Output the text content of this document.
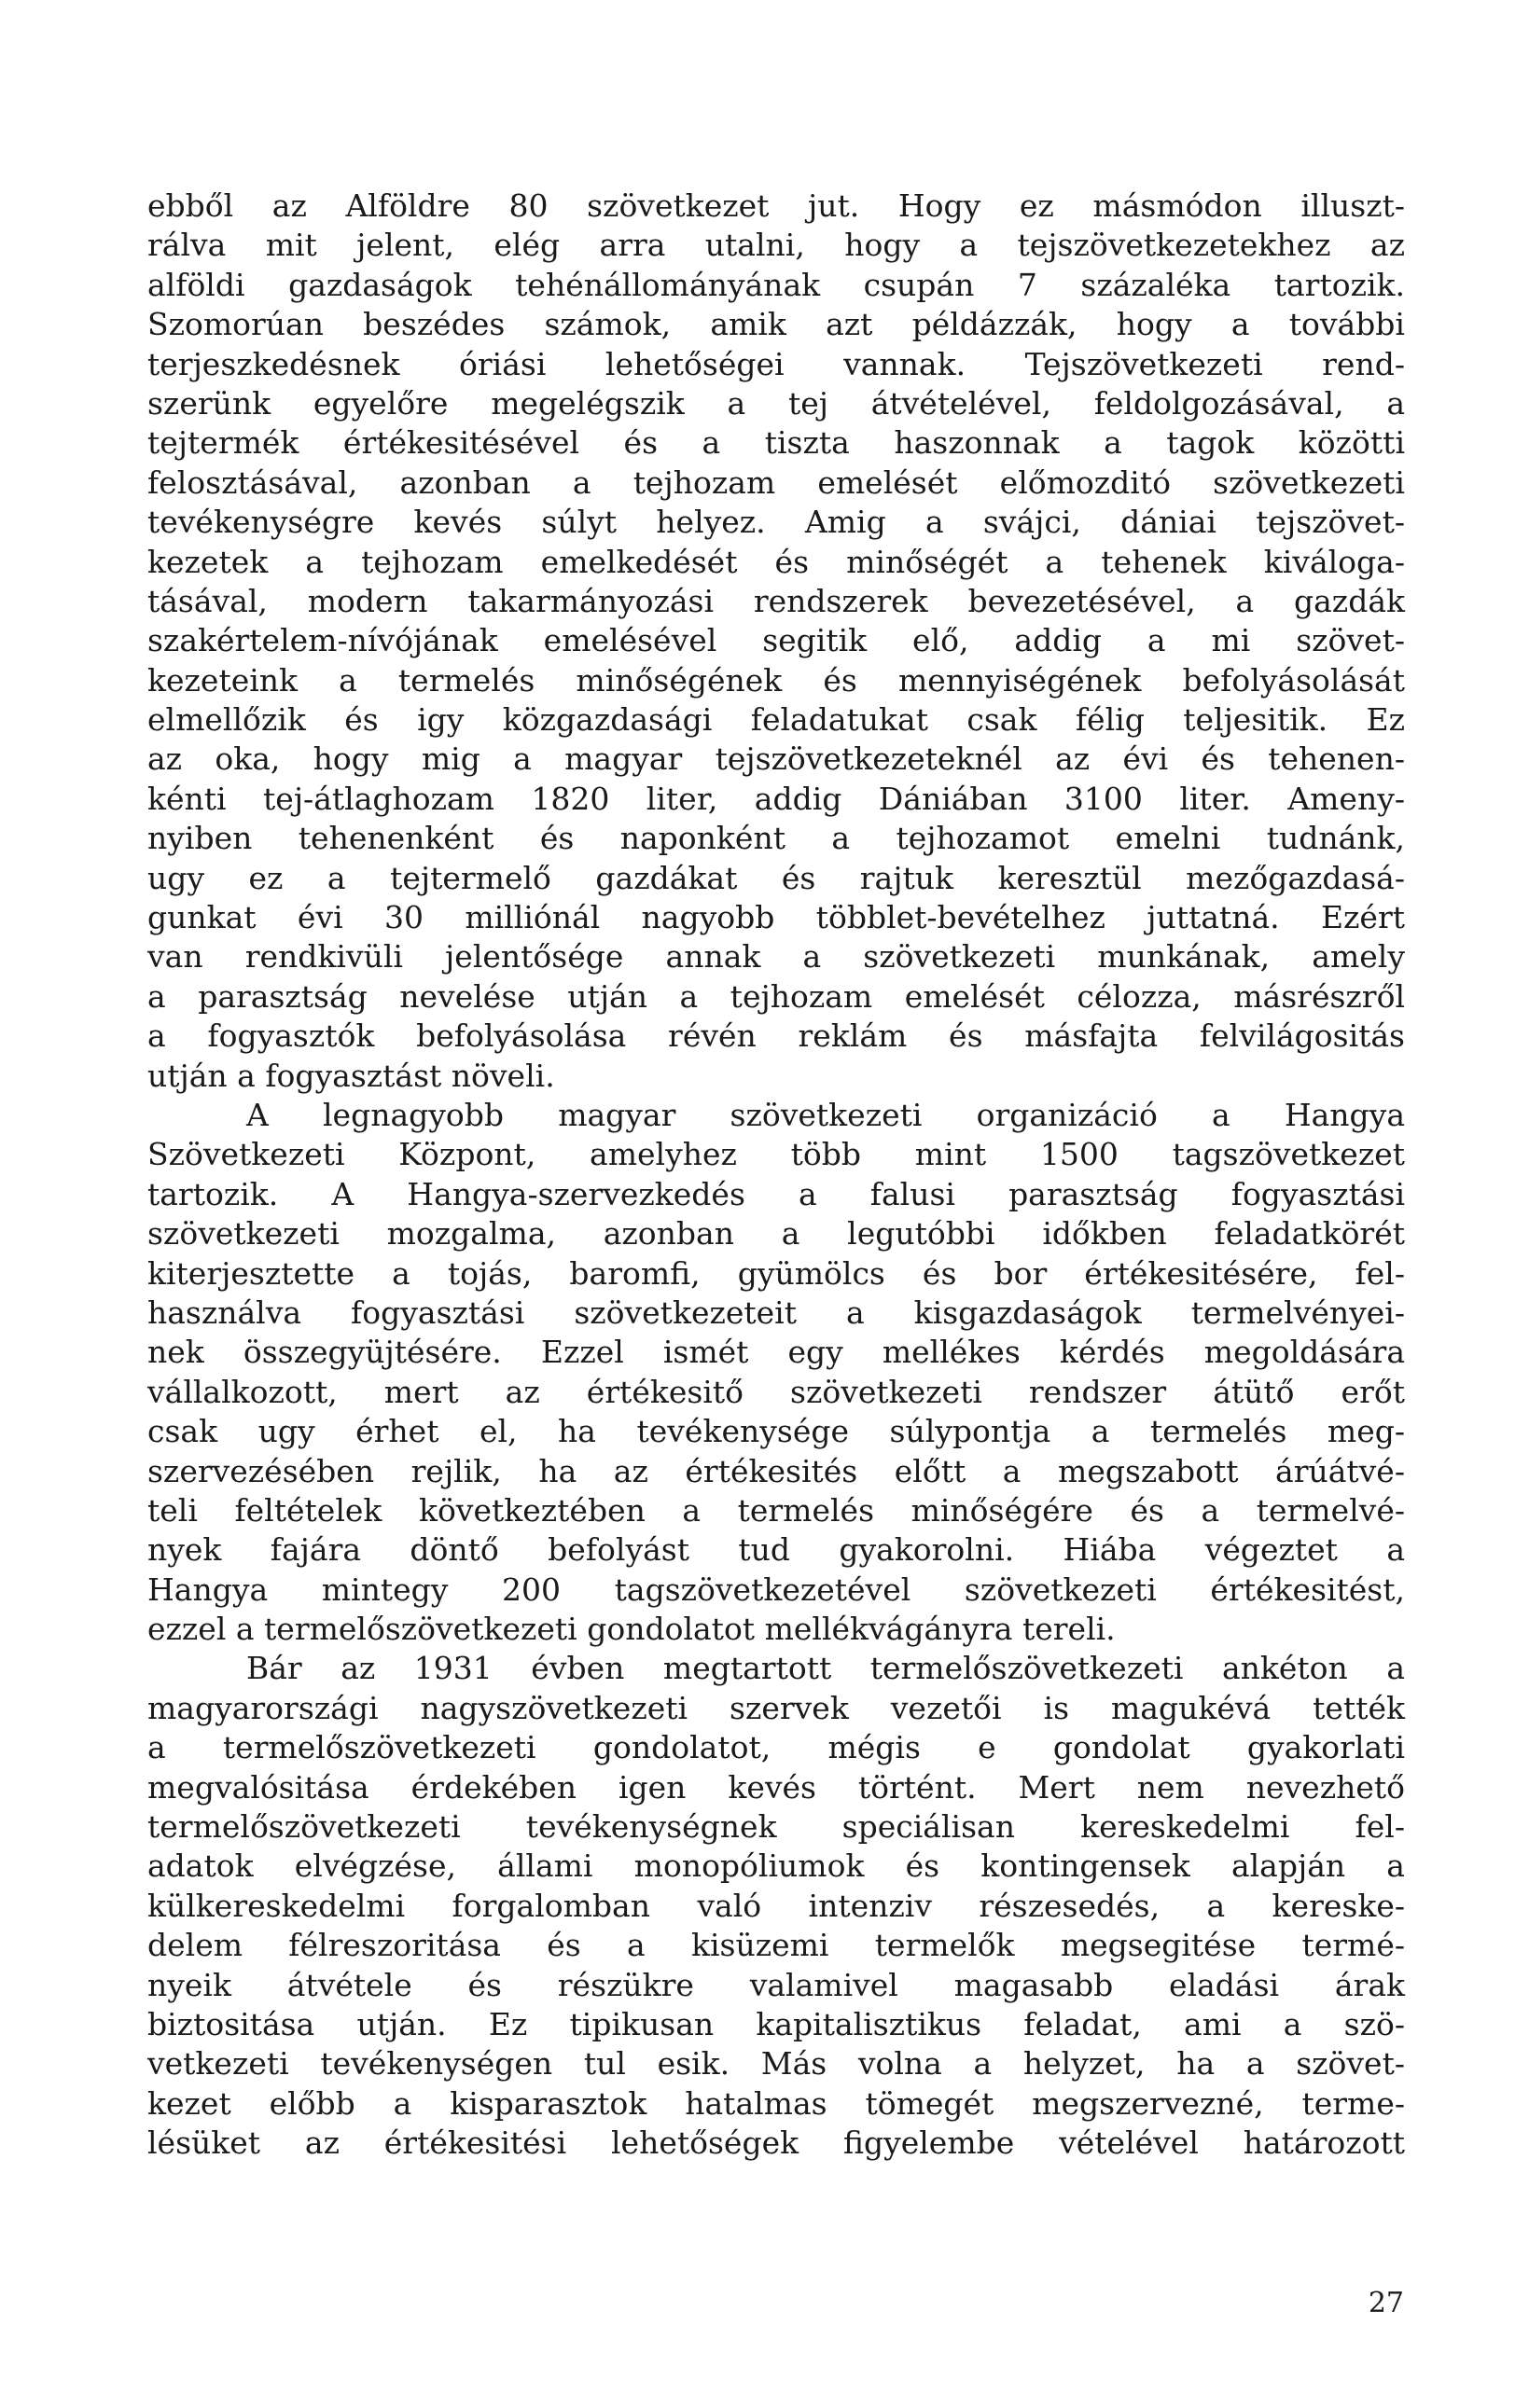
ebből az Alföldre 80 szövetkezet jut. Hogy ez másmódon illuszt-
rálva mit jelent, elég arra utalni, hogy a tejszövetkezetekhez az
alföldi gazdaságok tehénállományának csupán 7 százaléka tartozik.
Szomorúan beszédes számok, amik azt példázzák, hogy a további
terjeszkedésnek óriási lehetőségei vannak. Tejszövetkezeti rend-
szerünk egyelőre megelégszik a tej átvételével, feldolgozásával, a
tejtermék értékesitésével és a tiszta haszonnak a tagok közötti
felosztásával, azonban a tejhozam emelését előmozditó szövetkezeti
tevékenységre kevés súlyt helyez. Amig a svájci, dániai tejszövet-
kezetek a tejhozam emelkedését és minőségét a tehenek kiváloga-
tásával, modern takarmányozási rendszerek bevezetésével, a gazdák
szakértelem-nívójának emelésével segitik elő, addig a mi szövet-
kezeteink a termelés minőségének és mennyiségének befolyásolását
elmellőzik és igy közgazdasági feladatukat csak félig teljesitik. Ez
az oka, hogy mig a magyar tejszövetkezeteknél az évi és tehenen-
kénti tej-átlaghozam 1820 liter, addig Dániában 3100 liter. Ameny-
nyiben tehenenként és naponként a tejhozamot emelni tudnánk,
ugy ez a tejtermelő gazdákat és rajtuk keresztül mezőgazdasá-
gunkat évi 30 milliónál nagyobb többlet-bevételhez juttatná. Ezért
van rendkivüli jelentősége annak a szövetkezeti munkának, amely
a parasztság nevelése utján a tejhozam emelését célozza, másrészről
a fogyasztók befolyásolása révén reklám és másfajta felvilágositás
utján a fogyasztást növeli.
A legnagyobb magyar szövetkezeti organizáció a Hangya
Szövetkezeti Központ, amelyhez több mint 1500 tagszövetkezet
tartozik. A Hangya-szervezkedés a falusi parasztság fogyasztási
szövetkezeti mozgalma, azonban a legutóbbi időkben feladatkörét
kiterjesztette a tojás, baromfi, gyümölcs és bor értékesitésére, fel-
használva fogyasztási szövetkezeteit a kisgazdaságok termelvényei-
nek összegyüjtésére. Ezzel ismét egy mellékes kérdés megoldására
vállalkozott, mert az értékesitő szövetkezeti rendszer átütő erőt
csak ugy érhet el, ha tevékenysége súlypontja a termelés meg-
szervezésében rejlik, ha az értékesités előtt a megszabott árúátvé-
teli feltételek következtében a termelés minőségére és a termelvé-
nyek fajára döntő befolyást tud gyakorolni. Hiába végeztet a
Hangya mintegy 200 tagszövetkezetével szövetkezeti értékesitést,
ezzel a termelőszövetkezeti gondolatot mellékvágányra tereli.
Bár az 1931 évben megtartott termelőszövetkezeti ankéton a
magyarországi nagyszövetkezeti szervek vezetői is magukévá tették
a termelőszövetkezeti gondolatot, mégis e gondolat gyakorlati
megvalósitása érdekében igen kevés történt. Mert nem nevezhető
termelőszövetkezeti tevékenységnek speciálisan kereskedelmi fel-
adatok elvégzése, állami monopóliumok és kontingensek alapján a
külkereskedelmi forgalomban való intenziv részesedés, a kereske-
delem félreszoritása és a kisüzemi termelők megsegitése termé-
nyeik átvétele és részükre valamivel magasabb eladási árak
biztositása utján. Ez tipikusan kapitalisztikus feladat, ami a szö-
vetkezeti tevékenységen tul esik. Más volna a helyzet, ha a szövet-
kezet előbb a kisparasztok hatalmas tömegét megszervezné, terme-
lésüket az értékesitési lehetőségek figyelembe vételével határozott
27
